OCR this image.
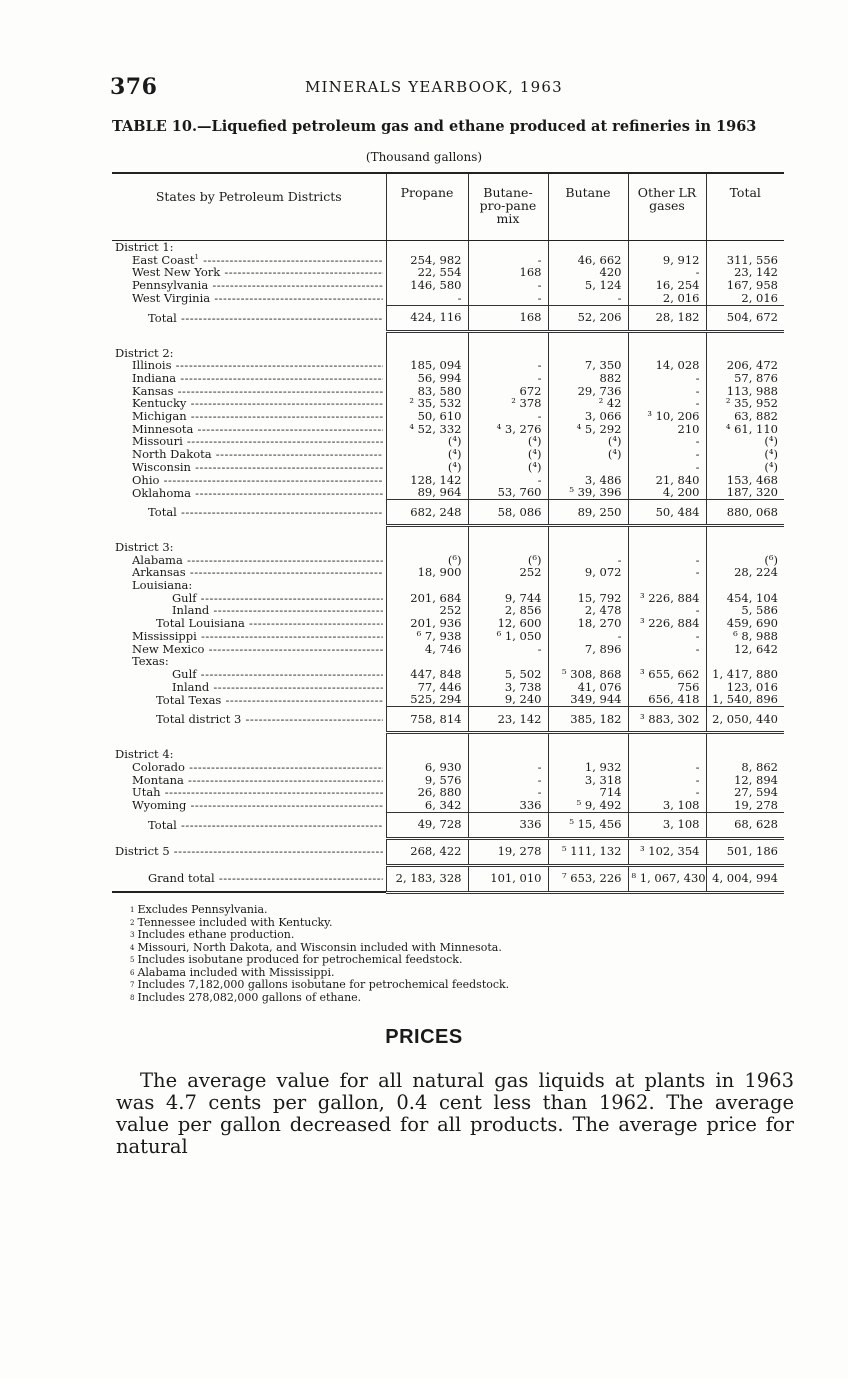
376	MINERALS YEARBOOK, 1963
TABLE 10.—Liquefied petroleum gas and ethane produced at refineries in 1963
(Thousand gallons)
States by Petroleum Districts	Propane	Butane-pro-pane mix	Butane	Other LR gases	Total
District 1:					

East Coast$^1$ -----	254, 982	-	46, 662	9, 912	311, 556

West New York -----	22, 554	168	420	-	23, 142

Pennsylvania -----	146, 580	-	5, 124	16, 254	167, 958

West Virginia -----	-	-	-	2, 016	2, 016

Total -----	424, 116	168	52, 206	28, 182	504, 672

District 2:					

Illinois -----	185, 094	-	7, 350	14, 028	206, 472

Indiana -----	56, 994	-	882	-	57, 876

Kansas -----	83, 580	672	29, 736	-	113, 988

Kentucky -----	² 35, 532	² 378	² 42	-	² 35, 952

Michigan -----	50, 610	-	3, 066	³ 10, 206	63, 882

Minnesota -----	⁴ 52, 332	⁴ 3, 276	⁴ 5, 292	210	⁴ 61, 110

Missouri -----	(⁴)	(⁴)	(⁴)	-	(⁴)

North Dakota -----	(⁴)	(⁴)	(⁴)	-	(⁴)

Wisconsin -----	(⁴)	(⁴)		-	(⁴)

Ohio -----	128, 142	-	3, 486	21, 840	153, 468

Oklahoma -----	89, 964	53, 760	⁵ 39, 396	4, 200	187, 320

Total -----	682, 248	58, 086	89, 250	50, 484	880, 068

District 3:					

Alabama -----	(⁶)	(⁶)	-	-	(⁶)

Arkansas -----	18, 900	252	9, 072	-	28, 224
Louisiana:					

Gulf -----	201, 684	9, 744	15, 792	³ 226, 884	454, 104

Inland -----	252	2, 856	2, 478	-	5, 586

Total Louisiana -----	201, 936	12, 600	18, 270	³ 226, 884	459, 690

Mississippi -----	⁶ 7, 938	⁶ 1, 050	-	-	⁶ 8, 988

New Mexico -----	4, 746	-	7, 896	-	12, 642
Texas:					

Gulf -----	447, 848	5, 502	⁵ 308, 868	³ 655, 662	1, 417, 880

Inland -----	77, 446	3, 738	41, 076	756	123, 016

Total Texas -----	525, 294	9, 240	349, 944	656, 418	1, 540, 896

Total district 3 -----	758, 814	23, 142	385, 182	³ 883, 302	2, 050, 440

District 4:					

Colorado -----	6, 930	-	1, 932	-	8, 862

Montana -----	9, 576	-	3, 318	-	12, 894

Utah -----	26, 880	-	714	-	27, 594

Wyoming -----	6, 342	336	⁵ 9, 492	3, 108	19, 278

Total -----	49, 728	336	⁵ 15, 456	3, 108	68, 628

District 5 -----	268, 422	19, 278	⁵ 111, 132	³ 102, 354	501, 186

Grand total -----	2, 183, 328	101, 010	⁷ 653, 226	⁸ 1, 067, 430	4, 004, 994
$^1$ Excludes Pennsylvania.
$^2$ Tennessee included with Kentucky.
$^3$ Includes ethane production.
$^4$ Missouri, North Dakota, and Wisconsin included with Minnesota.
$^5$ Includes isobutane produced for petrochemical feedstock.
$^6$ Alabama included with Mississippi.
$^7$ Includes 7,182,000 gallons isobutane for petrochemical feedstock.
$^8$ Includes 278,082,000 gallons of ethane.
PRICES
The average value for all natural gas liquids at plants in 1963 was 4.7 cents per gallon, 0.4 cent less than 1962. The average value per gallon decreased for all products. The average price for natural
